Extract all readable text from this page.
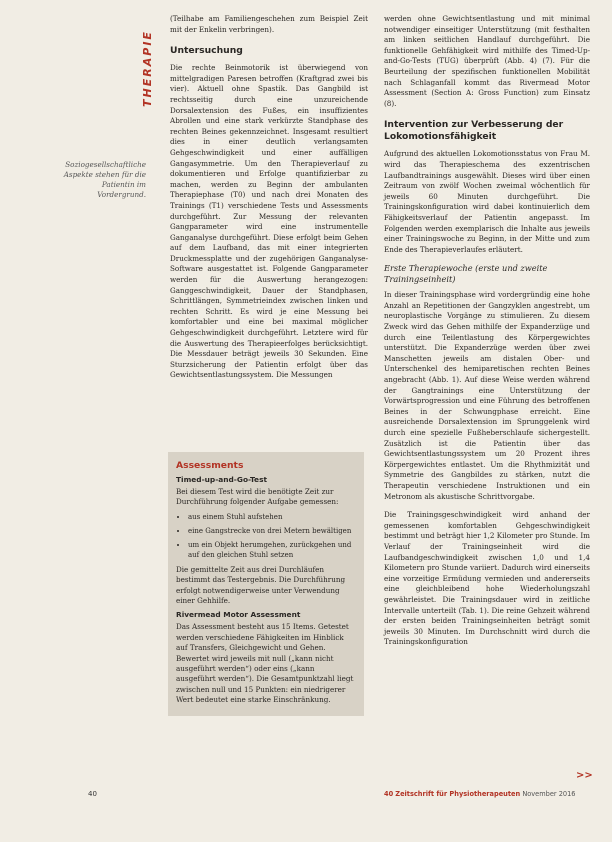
THERAPIE
Soziogesellschaftliche Aspekte stehen für die Patientin im Vordergrund.

(Teilhabe am Familiengeschehen zum Beispiel Zeit mit der Enkelin verbringen).

Untersuchung

Die rechte Beinmotorik ist überwiegend von mittelgradigen Paresen betroffen (Kraftgrad zwei bis vier). Aktuell ohne Spastik. Das Gangbild ist rechtsseitig durch eine unzureichende Dorsalextension des Fußes, ein insuffizientes Abrollen und eine stark verkürzte Standphase des rechten Beines gekennzeichnet. Insgesamt resultiert dies in einer deutlich verlangsamten Gehgeschwindigkeit und einer auffälligen Gangasymmetrie. Um den Therapieverlauf zu dokumentieren und Erfolge quantifizierbar zu machen, werden zu Beginn der ambulanten Therapiephase (T0) und nach drei Monaten des Trainings (T1) verschiedene Tests und Assessments durchgeführt. Zur Messung der relevanten Gangparameter wird eine instrumentelle Ganganalyse durchgeführt. Diese erfolgt beim Gehen auf dem Laufband, das mit einer integrierten Druckmessplatte und der zugehörigen Ganganalyse-Software ausgestattet ist. Folgende Gangparameter werden für die Auswertung herangezogen: Ganggeschwindigkeit, Dauer der Standphasen, Schrittlängen, Symmetrieindex zwischen linken und rechten Schritt. Es wird je eine Messung bei komfortabler und eine bei maximal möglicher Gehgeschwindigkeit durchgeführt. Letztere wird für die Auswertung des Therapieerfolges berücksichtigt. Die Messdauer beträgt jeweils 30 Sekunden. Eine Sturzsicherung der Patientin erfolgt über das Gewichtsentlastungssystem. Die Messungen

Assessments
Timed-up-and-Go-Test

Bei diesem Test wird die benötigte Zeit zur Durchführung folgender Aufgabe gemessen:

• aus einem Stuhl aufstehen
• eine Gangstrecke von drei Metern bewältigen
• um ein Objekt herumgehen, zurückgehen und auf den gleichen Stuhl setzen

Die gemittelte Zeit aus drei Durchläufen bestimmt das Testergebnis. Die Durchführung erfolgt notwendigerweise unter Verwendung einer Gehhilfe.

Rivermead Motor Assessment

Das Assessment besteht aus 15 Items. Getestet werden verschiedene Fähigkeiten im Hinblick auf Transfers, Gleichgewicht und Gehen. Bewertet wird jeweils mit null („kann nicht ausgeführt werden“) oder eins („kann ausgeführt werden“). Die Gesamtpunktzahl liegt zwischen null und 15 Punkten: ein niedrigerer Wert bedeutet eine starke Einschränkung.

werden ohne Gewichtsentlastung und mit minimal notwendiger einseitiger Unterstützung (mit festhalten am linken seitlichen Handlauf durchgeführt. Die funktionelle Gehfähigkeit wird mithilfe des Timed-Up-and-Go-Tests (TUG) überprüft (Abb. 4) (7). Für die Beurteilung der spezifischen funktionellen Mobilität nach Schlaganfall kommt das Rivermead Motor Assessment (Section A: Gross Function) zum Einsatz (8).

Intervention zur Verbesserung der Lokomotionsfähigkeit

Aufgrund des aktuellen Lokomotionsstatus von Frau M. wird das Therapieschema des exzentrischen Laufbandtrainings ausgewählt. Dieses wird über einen Zeitraum von zwölf Wochen zweimal wöchentlich für jeweils 60 Minuten durchgeführt. Die Trainingskonfiguration wird dabei kontinuierlich dem Fähigkeitsverlauf der Patientin angepasst. Im Folgenden werden exemplarisch die Inhalte aus jeweils einer Trainingswoche zu Beginn, in der Mitte und zum Ende des Therapieverlaufes erläutert.

Erste Therapiewoche (erste und zweite Trainingseinheit)

In dieser Trainingsphase wird vordergründig eine hohe Anzahl an Repetitionen der Gangzyklen angestrebt, um neuroplastische Vorgänge zu stimulieren. Zu diesem Zweck wird das Gehen mithilfe der Expanderzüge und durch eine Teilentlastung des Körpergewichtes unterstützt. Die Expanderzüge werden über zwei Manschetten jeweils am distalen Ober- und Unterschenkel des hemiparetischen rechten Beines angebracht (Abb. 1). Auf diese Weise werden während der Gangtrainings eine Unterstützung der Vorwärtsprogression und eine Führung des betroffenen Beines in der Schwungphase erreicht. Eine ausreichende Dorsalextension im Sprunggelenk wird durch eine spezielle Fußheberschlaufe sichergestellt. Zusätzlich ist die Patientin über das Gewichtsentlastungssystem um 20 Prozent ihres Körpergewichtes entlastet. Um die Rhythmizität und Symmetrie des Gangbildes zu stärken, nutzt die Therapeutin verschiedene Instruktionen und ein Metronom als akustische Schrittvorgabe.

Die Trainingsgeschwindigkeit wird anhand der gemessenen komfortablen Gehgeschwindigkeit bestimmt und beträgt hier 1,2 Kilometer pro Stunde. Im Verlauf der Trainingseinheit wird die Laufbandgeschwindigkeit zwischen 1,0 und 1,4 Kilometern pro Stunde variiert. Dadurch wird einerseits eine vorzeitige Ermüdung vermieden und andererseits eine gleichbleibend hohe Wiederholungszahl gewährleistet. Die Trainingsdauer wird in zeitliche Intervalle unterteilt (Tab. 1). Die reine Gehzeit während der ersten beiden Trainingseinheiten beträgt somit jeweils 30 Minuten. Im Durchschnitt wird durch die Trainingskonfiguration

>>
40	40 Zeitschrift für Physiotherapeuten November 2016
